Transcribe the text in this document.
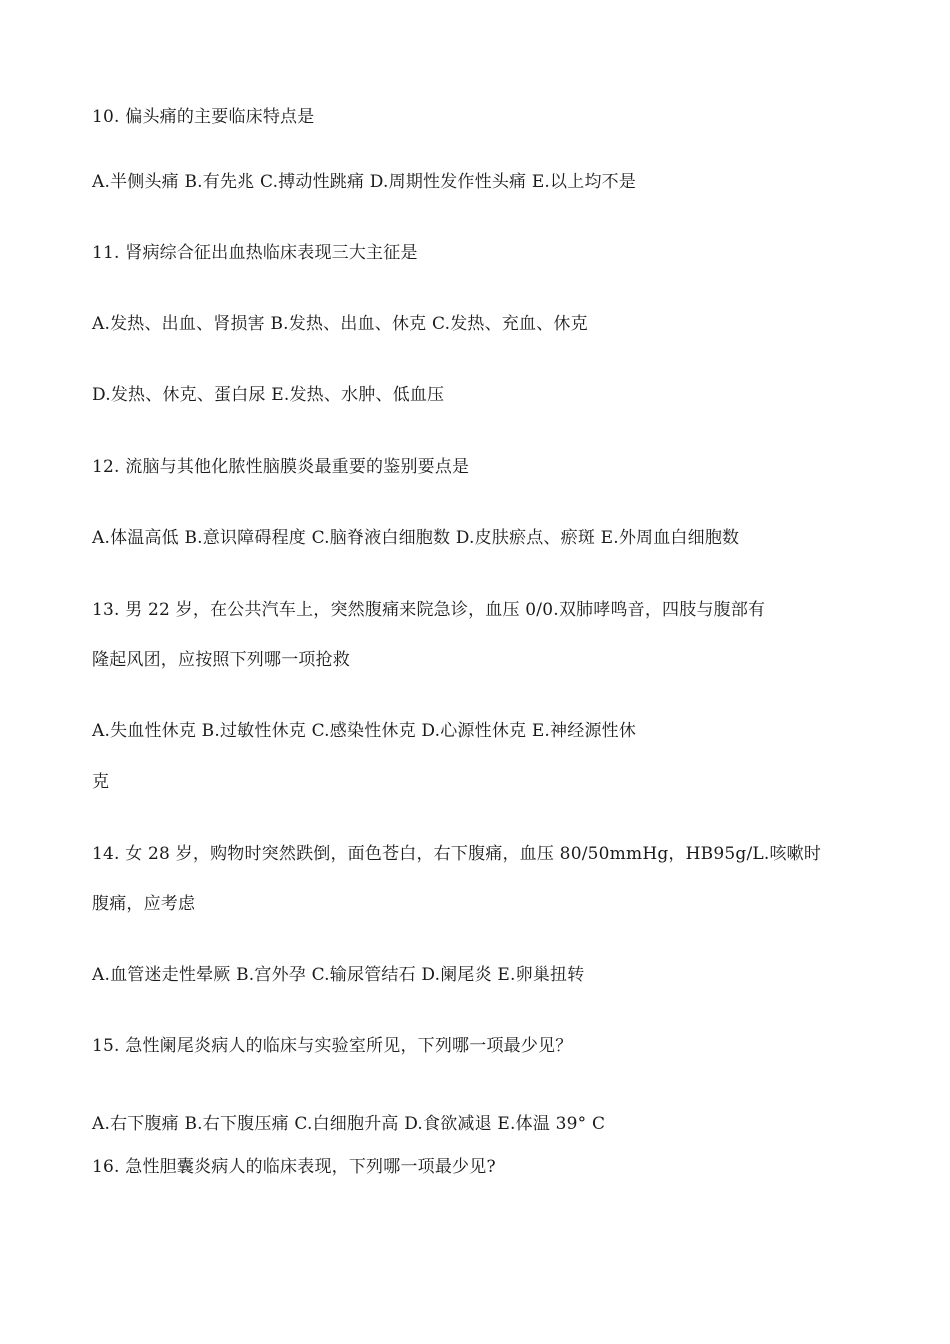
10. 偏头痛的主要临床特点是
A.半侧头痛 B.有先兆 C.搏动性跳痛 D.周期性发作性头痛 E.以上均不是
11. 肾病综合征出血热临床表现三大主征是
A.发热、出血、肾损害 B.发热、出血、休克 C.发热、充血、休克
D.发热、休克、蛋白尿 E.发热、水肿、低血压
12. 流脑与其他化脓性脑膜炎最重要的鉴别要点是
A.体温高低 B.意识障碍程度 C.脑脊液白细胞数 D.皮肤瘀点、瘀斑 E.外周血白细胞数
13. 男 22 岁，在公共汽车上，突然腹痛来院急诊，血压 0/0.双肺哮鸣音，四肢与腹部有
隆起风团，应按照下列哪一项抢救
A.失血性休克 B.过敏性休克 C.感染性休克 D.心源性休克 E.神经源性休
克
14. 女 28 岁，购物时突然跌倒，面色苍白，右下腹痛，血压 80/50mmHg，HB95g/L.咳嗽时
腹痛，应考虑
A.血管迷走性晕厥 B.宫外孕 C.输尿管结石 D.阑尾炎 E.卵巢扭转
15. 急性阑尾炎病人的临床与实验室所见，下列哪一项最少见？
A.右下腹痛 B.右下腹压痛 C.白细胞升高 D.食欲减退 E.体温 39° C
16. 急性胆囊炎病人的临床表现，下列哪一项最少见?
